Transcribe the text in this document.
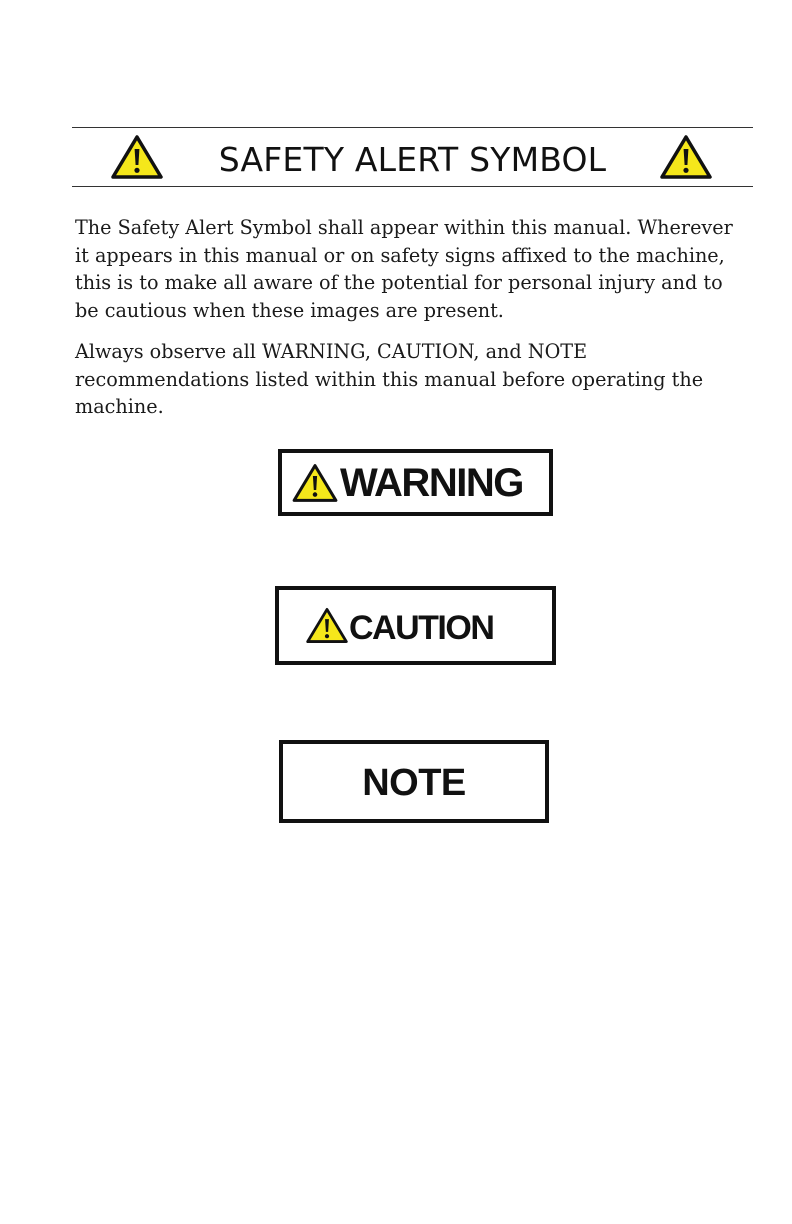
SAFETY ALERT SYMBOL

The Safety Alert Symbol shall appear within this manual. Wherever
it appears in this manual or on safety signs affixed to the machine,
this is to make all aware of the potential for personal injury and to
be cautious when these images are present.

Always observe all WARNING, CAUTION, and NOTE
recommendations listed within this manual before operating the
machine.

WARNING
CAUTION
NOTE
